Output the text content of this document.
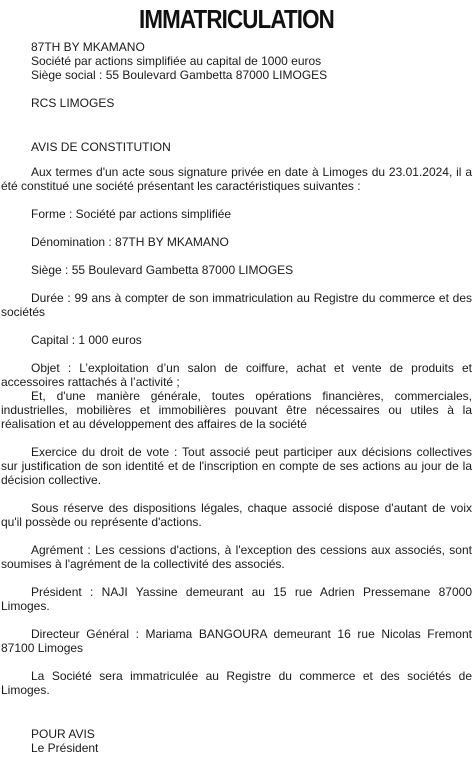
IMMATRICULATION
87TH BY MKAMANO
Société par actions simplifiée au capital de 1000 euros
Siège social : 55 Boulevard Gambetta 87000 LIMOGES
RCS LIMOGES
AVIS DE CONSTITUTION
Aux termes d'un acte sous signature privée en date à Limoges du 23.01.2024, il a été constitué une société présentant les caractéristiques suivantes :
Forme : Société par actions simplifiée
Dénomination : 87TH BY MKAMANO
Siège : 55 Boulevard Gambetta 87000 LIMOGES
Durée : 99 ans à compter de son immatriculation au Registre du commerce et des sociétés
Capital : 1 000 euros
Objet : L’exploitation d’un salon de coiffure, achat et vente de produits et accessoires rattachés à l’activité ;
Et, d'une manière générale, toutes opérations financières, commerciales, industrielles, mobilières et immobilières pouvant être nécessaires ou utiles à la réalisation et au développement des affaires de la société
Exercice du droit de vote : Tout associé peut participer aux décisions collectives sur justification de son identité et de l'inscription en compte de ses actions au jour de la décision collective.
Sous réserve des dispositions légales, chaque associé dispose d'autant de voix qu'il possède ou représente d'actions.
Agrément : Les cessions d'actions, à l'exception des cessions aux associés, sont soumises à l'agrément de la collectivité des associés.
Président : NAJI Yassine demeurant au 15 rue Adrien Pressemane 87000 Limoges.
Directeur Général : Mariama BANGOURA demeurant 16 rue Nicolas Fremont 87100 Limoges
La Société sera immatriculée au Registre du commerce et des sociétés de Limoges.
POUR AVIS
Le Président
